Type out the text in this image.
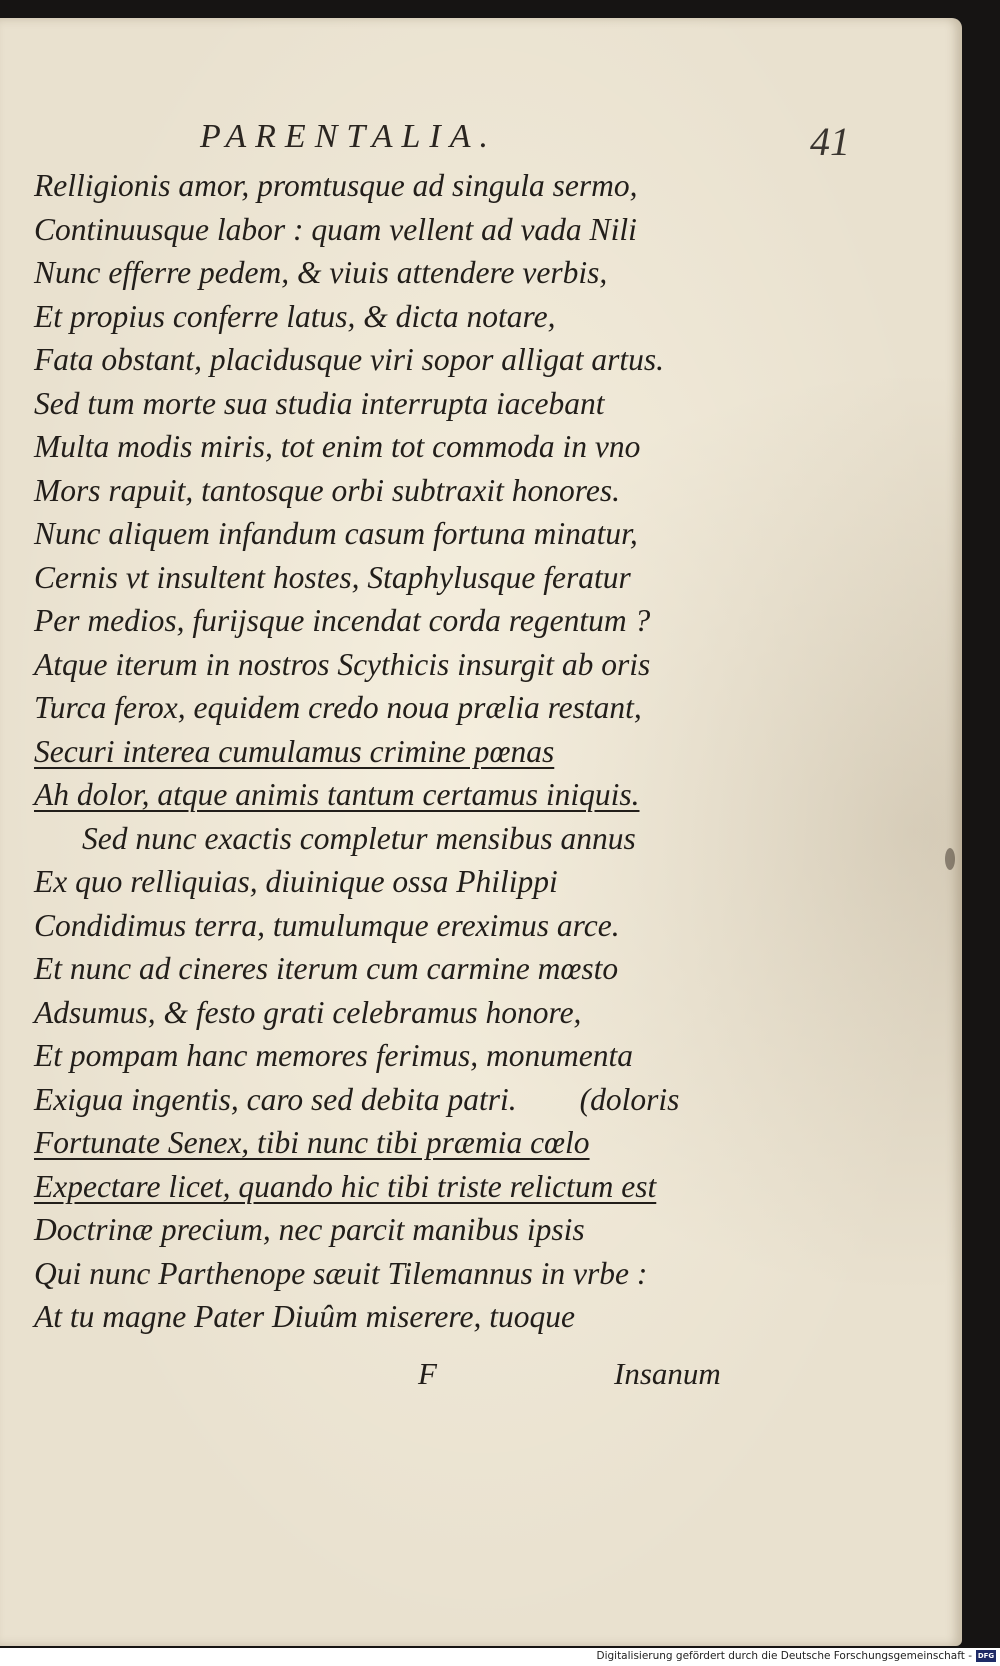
PARENTALIA.	41
Relligionis amor, promtusque ad singula sermo,
Continuusque labor : quam vellent ad vada Nili
Nunc efferre pedem, & viuis attendere verbis,
Et propius conferre latus, & dicta notare,
Fata obstant, placidusque viri sopor alligat artus.
Sed tum morte sua studia interrupta iacebant
Multa modis miris, tot enim tot commoda in vno
Mors rapuit, tantosque orbi subtraxit honores.
Nunc aliquem infandum casum fortuna minatur,
Cernis vt insultent hostes, Staphylusque feratur
Per medios, furijsque incendat corda regentum ?
Atque iterum in nostros Scythicis insurgit ab oris
Turca ferox, equidem credo noua prælia restant,
Securi interea cumulamus crimine pœnas
Ah dolor, atque animis tantum certamus iniquis.
Sed nunc exactis completur mensibus annus
Ex quo relliquias, diuinique ossa Philippi
Condidimus terra, tumulumque ereximus arce.
Et nunc ad cineres iterum cum carmine mœsto
Adsumus, & festo grati celebramus honore,
Et pompam hanc memores ferimus, monumenta
Exigua ingentis, caro sed debita patri.        (doloris
Fortunate Senex, tibi nunc tibi præmia cœlo
Expectare licet, quando hic tibi triste relictum est
Doctrinæ precium, nec parcit manibus ipsis
Qui nunc Parthenope sæuit Tilemannus in vrbe :
At tu magne Pater Diuûm miserere, tuoque
F	Insanum
Digitalisierung gefördert durch die Deutsche Forschungsgemeinschaft - DFG
